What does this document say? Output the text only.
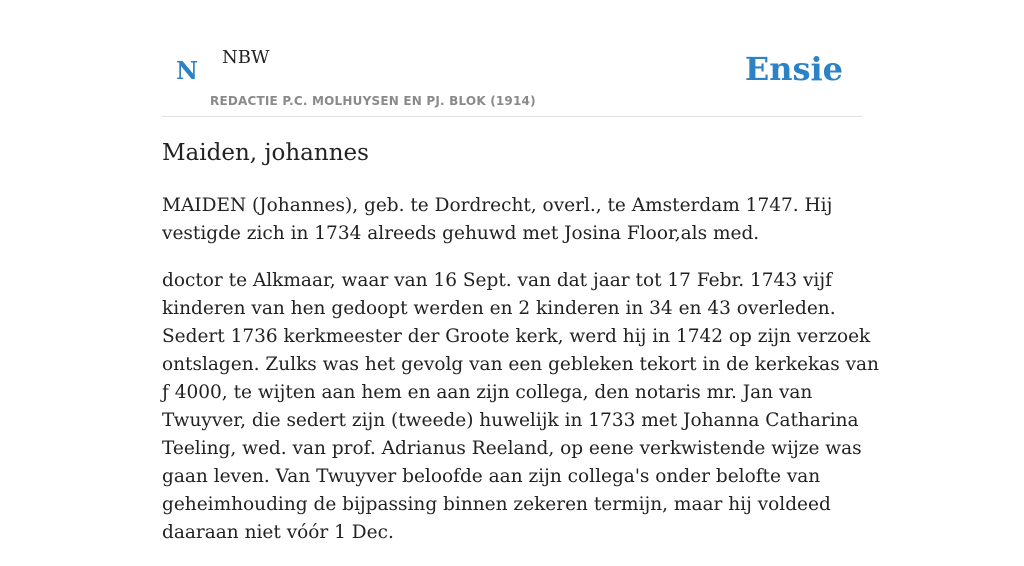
N NBW
REDACTIE P.C. MOLHUYSEN EN PJ. BLOK (1914)
Ensie
Maiden, johannes

MAIDEN (Johannes), geb. te Dordrecht, overl., te Amsterdam 1747. Hij vestigde zich in 1734 alreeds gehuwd met Josina Floor,als med.

doctor te Alkmaar, waar van 16 Sept. van dat jaar tot 17 Febr. 1743 vijf kinderen van hen gedoopt werden en 2 kinderen in 34 en 43 overleden. Sedert 1736 kerkmeester der Groote kerk, werd hij in 1742 op zijn verzoek ontslagen. Zulks was het gevolg van een gebleken tekort in de kerkekas van ƒ 4000, te wijten aan hem en aan zijn collega, den notaris mr. Jan van Twuyver, die sedert zijn (tweede) huwelijk in 1733 met Johanna Catharina Teeling, wed. van prof. Adrianus Reeland, op eene verkwistende wijze was gaan leven. Van Twuyver beloofde aan zijn collega's onder belofte van geheimhouding de bijpassing binnen zekeren termijn, maar hij voldeed daaraan niet vóór 1 Dec.
